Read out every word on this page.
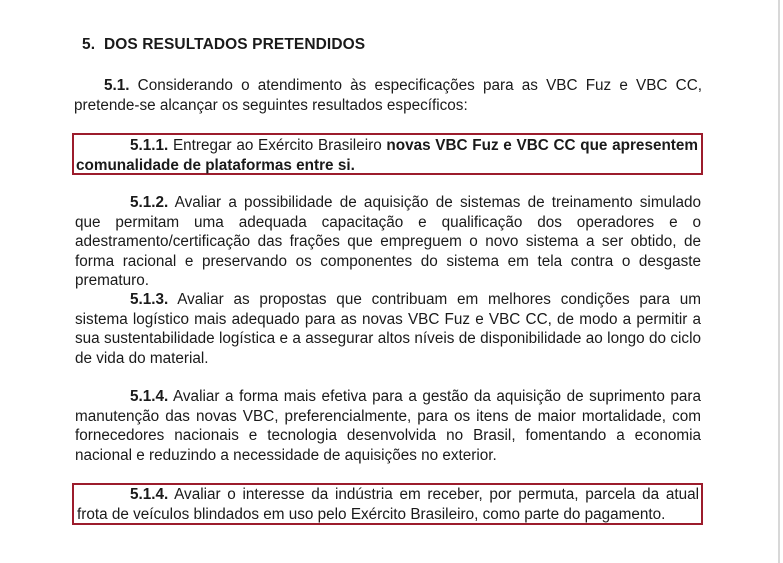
5. DOS RESULTADOS PRETENDIDOS

5.1. Considerando o atendimento às especificações para as VBC Fuz e VBC CC, pretende-se alcançar os seguintes resultados específicos:

5.1.1. Entregar ao Exército Brasileiro novas VBC Fuz e VBC CC que apresentem comunalidade de plataformas entre si.

5.1.2. Avaliar a possibilidade de aquisição de sistemas de treinamento simulado que permitam uma adequada capacitação e qualificação dos operadores e o adestramento/certificação das frações que empreguem o novo sistema a ser obtido, de forma racional e preservando os componentes do sistema em tela contra o desgaste prematuro.

5.1.3. Avaliar as propostas que contribuam em melhores condições para um sistema logístico mais adequado para as novas VBC Fuz e VBC CC, de modo a permitir a sua sustentabilidade logística e a assegurar altos níveis de disponibilidade ao longo do ciclo de vida do material.

5.1.4. Avaliar a forma mais efetiva para a gestão da aquisição de suprimento para manutenção das novas VBC, preferencialmente, para os itens de maior mortalidade, com fornecedores nacionais e tecnologia desenvolvida no Brasil, fomentando a economia nacional e reduzindo a necessidade de aquisições no exterior.

5.1.4. Avaliar o interesse da indústria em receber, por permuta, parcela da atual frota de veículos blindados em uso pelo Exército Brasileiro, como parte do pagamento.
